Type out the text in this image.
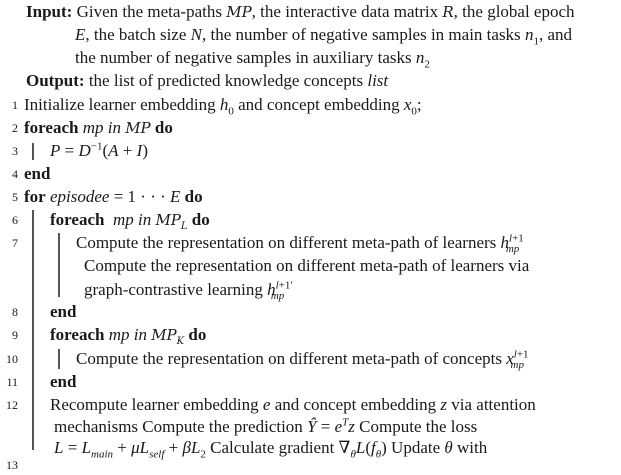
Input: Given the meta-paths MP, the interactive data matrix R, the global epoch
E, the batch size N, the number of negative samples in main tasks $n_1$, and
the number of negative samples in auxiliary tasks $n_2$
Output: the list of predicted knowledge concepts list
1
2
3
4
5
6
7
8
9
10
11
12
13
Initialize learner embedding $h_0$ and concept embedding $x_0$;
foreach mp in MP do
$P = D^{-1}(A + I)$
end
for episodee = 1 · · · E do
foreach mp in $MP_L$ do
Compute the representation on different meta-path of learners $h^{l+1}_{mp}$
Compute the representation on different meta-path of learners via
graph-contrastive learning $h^{l+1'}_{mp}$
end
foreach mp in $MP_K$ do
Compute the representation on different meta-path of concepts $x^{l+1}_{mp}$
end
Recompute learner embedding e and concept embedding z via attention
mechanisms Compute the prediction Ŷ = $e^Tz$ Compute the loss
$L = L_{main} + \mu L_{self} + \beta L_2$ Calculate gradient $\nabla_\theta L(f_\theta)$ Update θ with
